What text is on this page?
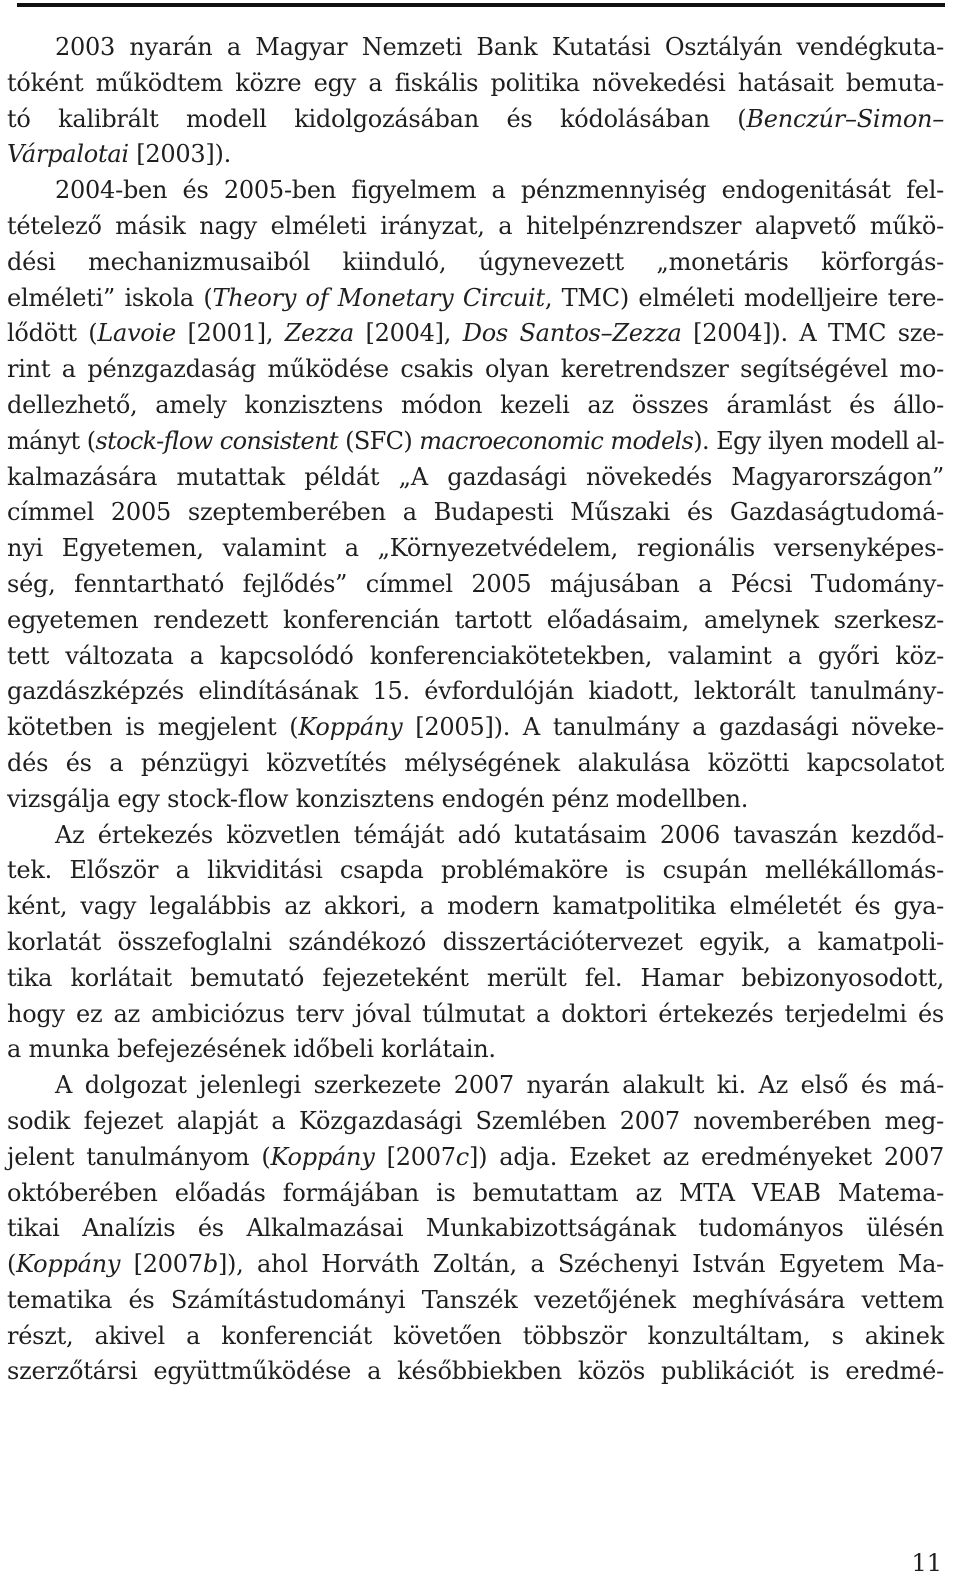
2003 nyarán a Magyar Nemzeti Bank Kutatási Osztályán vendégkuta-
tóként működtem közre egy a fiskális politika növekedési hatásait bemuta-
tó kalibrált modell kidolgozásában és kódolásában (Benczúr–Simon–
Várpalotai [2003]).
2004-ben és 2005-ben figyelmem a pénzmennyiség endogenitását fel-
tételező másik nagy elméleti irányzat, a hitelpénzrendszer alapvető műkö-
dési mechanizmusaiból kiinduló, úgynevezett „monetáris körforgás-
elméleti” iskola (Theory of Monetary Circuit, TMC) elméleti modelljeire tere-
lődött (Lavoie [2001], Zezza [2004], Dos Santos–Zezza [2004]). A TMC sze-
rint a pénzgazdaság működése csakis olyan keretrendszer segítségével mo-
dellezhető, amely konzisztens módon kezeli az összes áramlást és állo-
mányt (stock-flow consistent (SFC) macroeconomic models). Egy ilyen modell al-
kalmazására mutattak példát „A gazdasági növekedés Magyarországon”
címmel 2005 szeptemberében a Budapesti Műszaki és Gazdaságtudomá-
nyi Egyetemen, valamint a „Környezetvédelem, regionális versenyképes-
ség, fenntartható fejlődés” címmel 2005 májusában a Pécsi Tudomány-
egyetemen rendezett konferencián tartott előadásaim, amelynek szerkesz-
tett változata a kapcsolódó konferenciakötetekben, valamint a győri köz-
gazdászképzés elindításának 15. évfordulóján kiadott, lektorált tanulmány-
kötetben is megjelent (Koppány [2005]). A tanulmány a gazdasági növeke-
dés és a pénzügyi közvetítés mélységének alakulása közötti kapcsolatot
vizsgálja egy stock-flow konzisztens endogén pénz modellben.
Az értekezés közvetlen témáját adó kutatásaim 2006 tavaszán kezdőd-
tek. Először a likviditási csapda problémaköre is csupán mellékállomás-
ként, vagy legalábbis az akkori, a modern kamatpolitika elméletét és gya-
korlatát összefoglalni szándékozó disszertációtervezet egyik, a kamatpoli-
tika korlátait bemutató fejezeteként merült fel. Hamar bebizonyosodott,
hogy ez az ambiciózus terv jóval túlmutat a doktori értekezés terjedelmi és
a munka befejezésének időbeli korlátain.
A dolgozat jelenlegi szerkezete 2007 nyarán alakult ki. Az első és má-
sodik fejezet alapját a Közgazdasági Szemlében 2007 novemberében meg-
jelent tanulmányom (Koppány [2007c]) adja. Ezeket az eredményeket 2007
októberében előadás formájában is bemutattam az MTA VEAB Matema-
tikai Analízis és Alkalmazásai Munkabizottságának tudományos ülésén
(Koppány [2007b]), ahol Horváth Zoltán, a Széchenyi István Egyetem Ma-
tematika és Számítástudományi Tanszék vezetőjének meghívására vettem
részt, akivel a konferenciát követően többször konzultáltam, s akinek
szerzőtársi együttműködése a későbbiekben közös publikációt is eredmé-
11
